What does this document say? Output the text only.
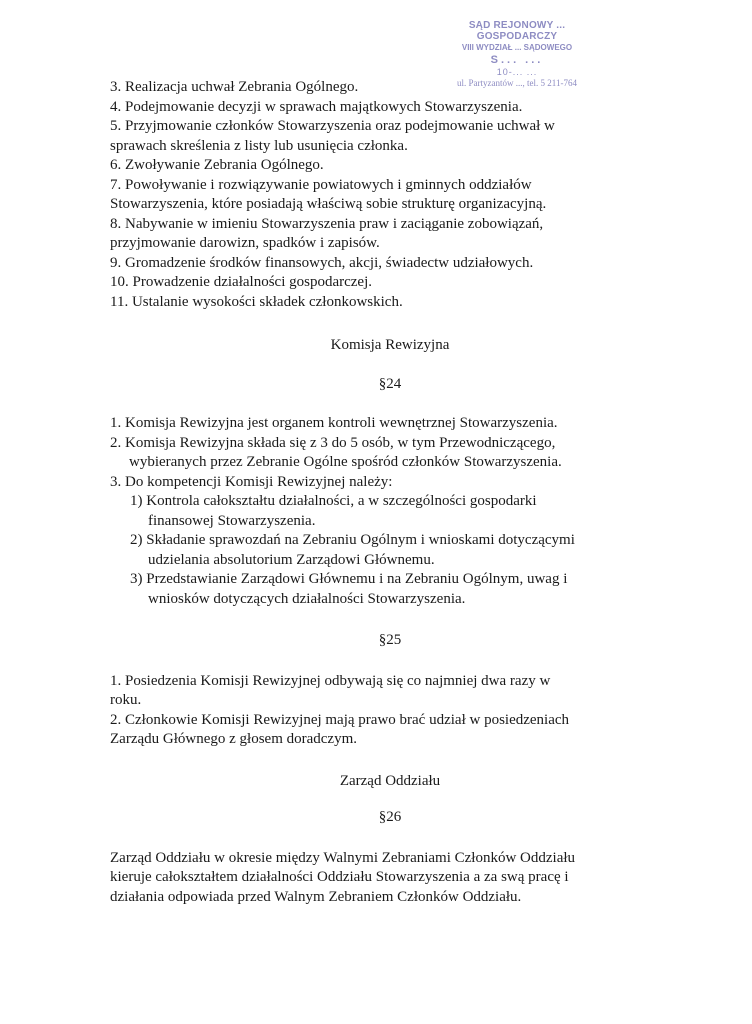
SĄD REJONOWY ... GOSPODARCZY
VIII WYDZIAŁ ... SĄDOWEGO
S... ...
10-... ...
ul. Partyzantów ..., tel. 5 211-764

3. Realizacja uchwał Zebrania Ogólnego.

4. Podejmowanie decyzji w sprawach majątkowych Stowarzyszenia.

5. Przyjmowanie członków Stowarzyszenia oraz podejmowanie uchwał w

sprawach skreślenia z listy lub usunięcia członka.

6. Zwoływanie Zebrania Ogólnego.

7. Powoływanie i rozwiązywanie powiatowych i gminnych oddziałów

Stowarzyszenia, które posiadają właściwą sobie strukturę organizacyjną.

8. Nabywanie w imieniu Stowarzyszenia praw i zaciąganie zobowiązań,

przyjmowanie darowizn, spadków i zapisów.

9. Gromadzenie środków finansowych, akcji, świadectw udziałowych.

10. Prowadzenie działalności gospodarczej.

11. Ustalanie wysokości składek członkowskich.

Komisja Rewizyjna

§24

1. Komisja Rewizyjna jest organem kontroli wewnętrznej Stowarzyszenia.

2. Komisja Rewizyjna składa się z 3 do 5 osób, w tym Przewodniczącego,

wybieranych przez Zebranie Ogólne spośród członków Stowarzyszenia.

3. Do kompetencji Komisji Rewizyjnej należy:

1) Kontrola całokształtu działalności, a w szczególności gospodarki

finansowej Stowarzyszenia.

2) Składanie sprawozdań na Zebraniu Ogólnym i wnioskami dotyczącymi

udzielania absolutorium Zarządowi Głównemu.

3) Przedstawianie Zarządowi Głównemu i na Zebraniu Ogólnym, uwag i

wniosków dotyczących działalności Stowarzyszenia.

§25

1. Posiedzenia Komisji Rewizyjnej odbywają się co najmniej dwa razy w

roku.

2. Członkowie Komisji Rewizyjnej mają prawo brać udział w posiedzeniach

Zarządu Głównego z głosem doradczym.

Zarząd Oddziału

§26

Zarząd Oddziału w okresie między Walnymi Zebraniami Członków Oddziału

kieruje całokształtem działalności Oddziału Stowarzyszenia a za swą pracę i

działania odpowiada przed Walnym Zebraniem Członków Oddziału.
